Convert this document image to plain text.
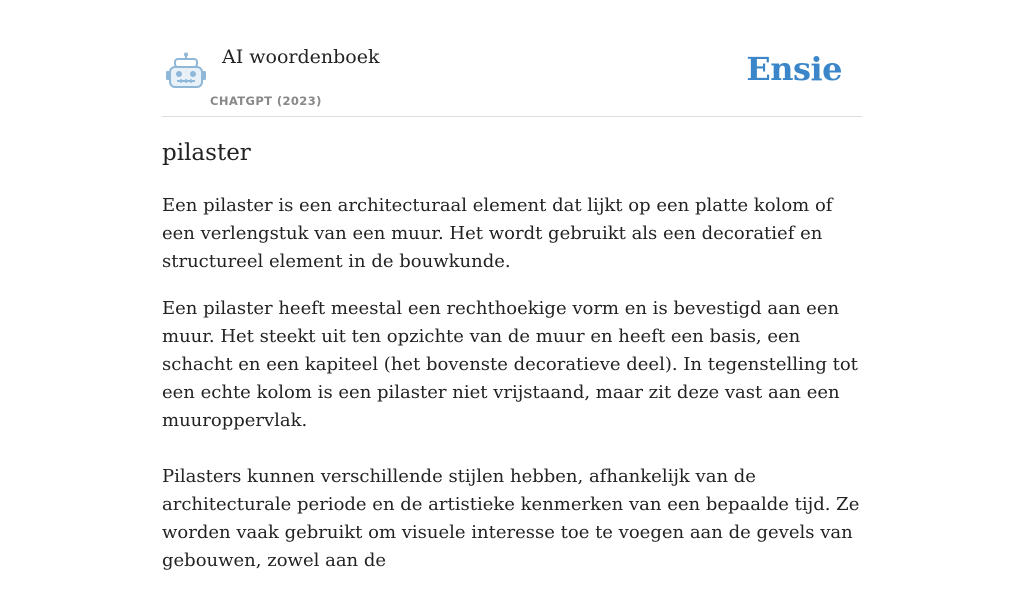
AI woordenboek
CHATGPT (2023)
Ensie
pilaster

Een pilaster is een architecturaal element dat lijkt op een platte kolom of een verlengstuk van een muur. Het wordt gebruikt als een decoratief en structureel element in de bouwkunde.

Een pilaster heeft meestal een rechthoekige vorm en is bevestigd aan een muur. Het steekt uit ten opzichte van de muur en heeft een basis, een schacht en een kapiteel (het bovenste decoratieve deel). In tegenstelling tot een echte kolom is een pilaster niet vrijstaand, maar zit deze vast aan een muuroppervlak.

Pilasters kunnen verschillende stijlen hebben, afhankelijk van de architecturale periode en de artistieke kenmerken van een bepaalde tijd. Ze worden vaak gebruikt om visuele interesse toe te voegen aan de gevels van gebouwen, zowel aan de
